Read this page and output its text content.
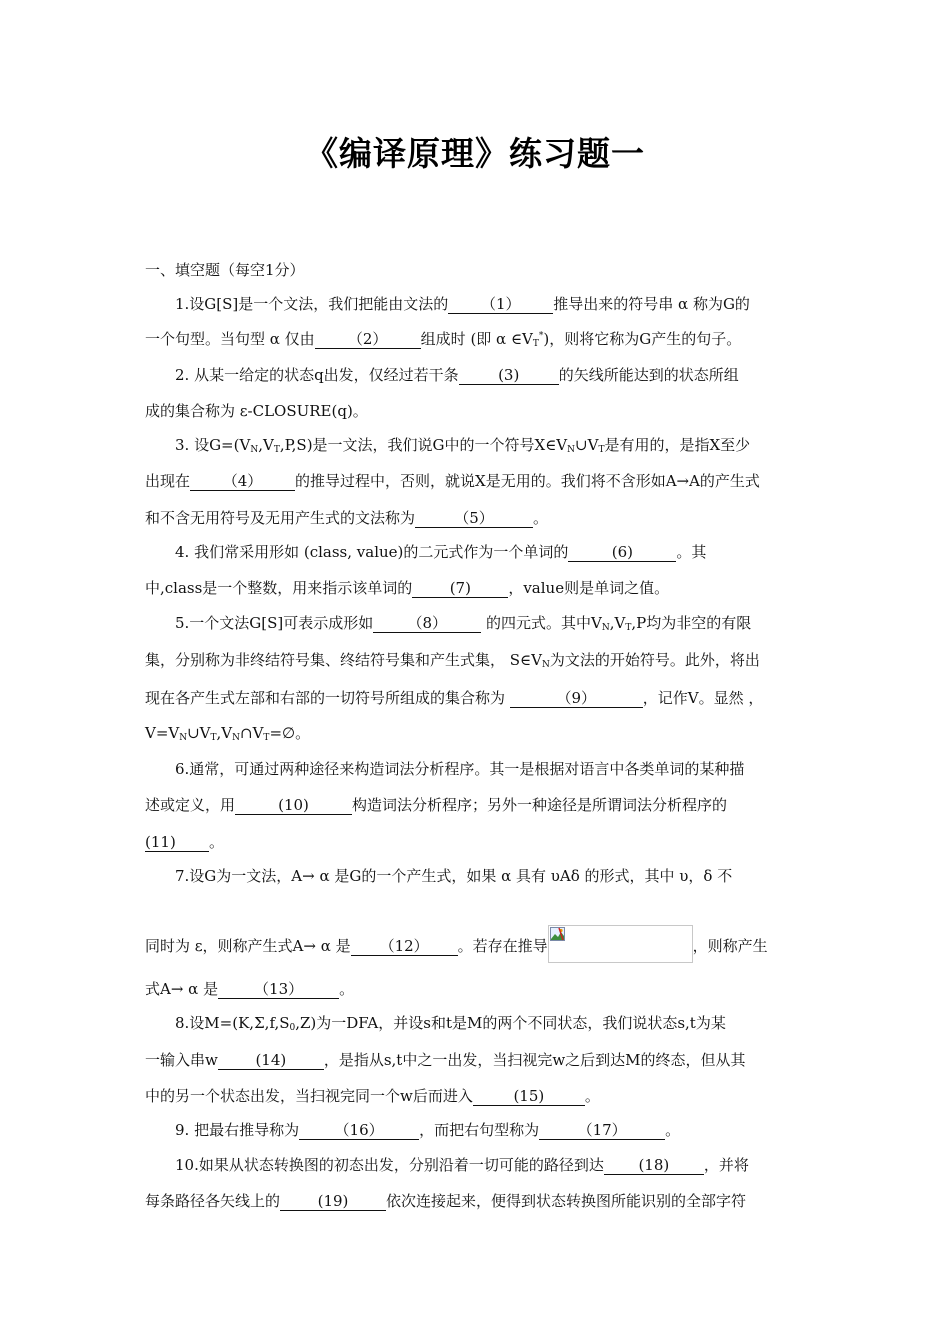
《编译原理》练习题一
一、填空题（每空1分）
1.设G[S]是一个文法，我们把能由文法的 （1） 推导出来的符号串 α 称为G的
一个句型。当句型 α 仅由 （2） 组成时 (即 α $\in V_T^*$)，则将它称为G产生的句子。
2. 从某一给定的状态q出发，仅经过若干条	(3)	的矢线所能达到的状态所组
成的集合称为 ε-CLOSURE(q)。
3. 设$G=(V_N,V_T,P,S)$是一文法，我们说G中的一个符号$X\in V_N\cup V_T$是有用的，是指X至少
出现在 （4） 的推导过程中，否则，就说X是无用的。我们将不含形如A→A的产生式
和不含无用符号及无用产生式的文法称为	（5）	。
4. 我们常采用形如 (class, value)的二元式作为一个单词的	(6)	。其
中,class是一个整数，用来指示该单词的 (7) ，value则是单词之值。
5.一个文法G[S]可表示成形如 （8） 的四元式。其中$V_N,V_T,P$均为非空的有限
集，分别称为非终结符号集、终结符号集和产生式集， $S\in V_N$为文法的开始符号。此外，将出
现在各产生式左部和右部的一切符号所组成的集合称为	（9）	，记作V。显然 ，
$V=V_N\cup V_T,V_N\cap V_T=\emptyset$。
6.通常，可通过两种途径来构造词法分析程序。其一是根据对语言中各类单词的某种描
述或定义，用	(10)	构造词法分析程序；另外一种途径是所谓词法分析程序的
(11) 。
7.设G为一文法，A→ α 是G的一个产生式，如果 α 具有 υAδ 的形式，其中 υ，δ 不
同时为 ε，则称产生式A→ α 是 （12） 。若存在推导	，则称产生
式A→ α 是 （13） 。
8.设$M=(K,\Sigma,f,S_0,Z)$为一DFA，并设s和t是M的两个不同状态，我们说状态s,t为某
一输入串w	(14)	，是指从s,t中之一出发，当扫视完w之后到达M的终态，但从其
中的另一个状态出发，当扫视完同一个w后而进入	(15)	。
9. 把最右推导称为 （16） ，而把右句型称为	（17）	。
10.如果从状态转换图的初态出发，分别沿着一切可能的路径到达 (18) ，并将
每条路径各矢线上的	(19)	依次连接起来，便得到状态转换图所能识别的全部字符
